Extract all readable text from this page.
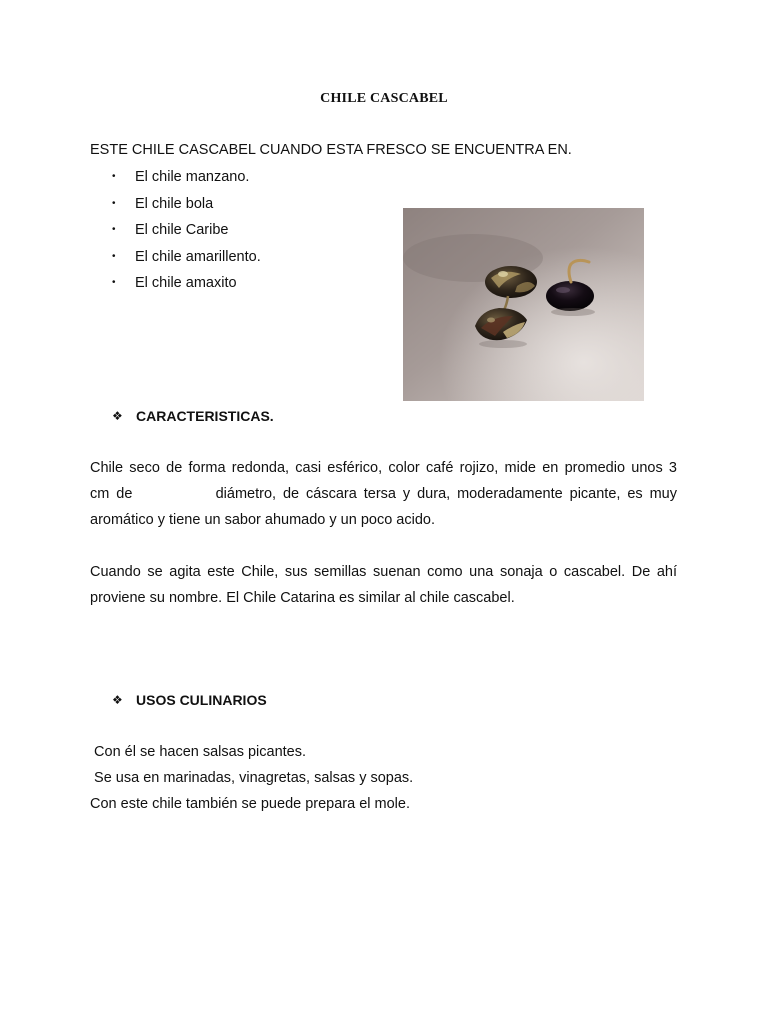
CHILE CASCABEL
ESTE CHILE CASCABEL CUANDO ESTA FRESCO SE ENCUENTRA EN.
•	El chile manzano.
•	El chile bola
•	El chile Caribe
•	El chile amarillento.
•	El chile amaxito
❖ CARACTERISTICAS.

Chile seco de forma redonda, casi esférico, color café rojizo, mide en promedio unos 3

cm de            diámetro, de cáscara tersa y dura, moderadamente picante, es muy

aromático y tiene un sabor ahumado y un poco acido.

Cuando se agita este Chile, sus semillas suenan como una sonaja o cascabel. De ahí

proviene su nombre. El Chile Catarina es similar al chile cascabel.

❖ USOS CULINARIOS
Con él se hacen salsas picantes.
Se usa en marinadas, vinagretas, salsas y sopas.
Con este chile también se puede prepara el mole.
